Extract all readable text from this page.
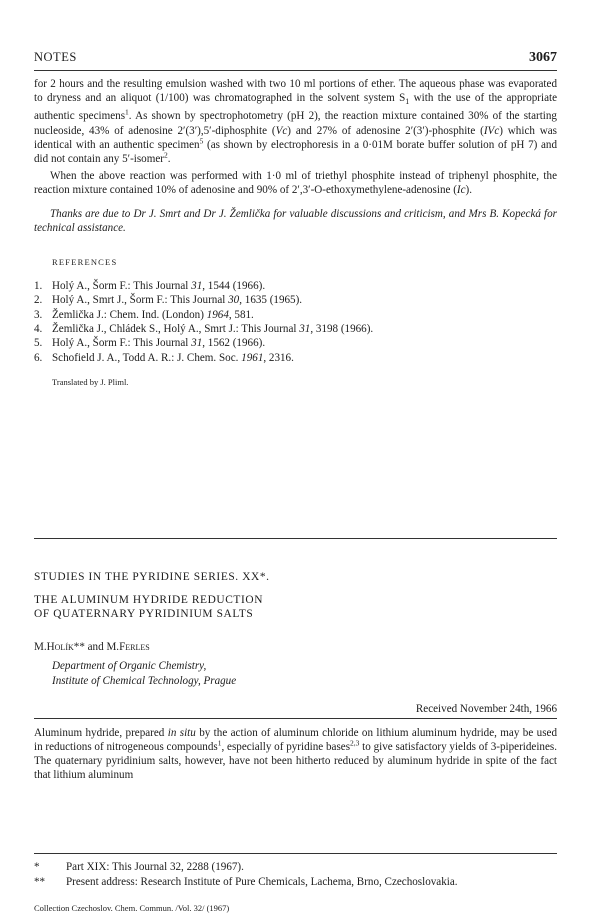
NOTES	3067

for 2 hours and the resulting emulsion washed with two 10 ml portions of ether. The aqueous phase was evaporated to dryness and an aliquot (1/100) was chromatographed in the solvent system $S_1$ with the use of the appropriate authentic specimens$^1$. As shown by spectrophotometry (pH 2), the reaction mixture contained 30% of the starting nucleoside, 43% of adenosine 2′(3′),5′-diphosphite (Vc) and 27% of adenosine 2′(3′)-phosphite (IVc) which was identical with an authentic specimen$^5$ (as shown by electrophoresis in a 0·01M borate buffer solution of pH 7) and did not contain any 5′-isomer$^2$.

When the above reaction was performed with 1·0 ml of triethyl phosphite instead of triphenyl phosphite, the reaction mixture contained 10% of adenosine and 90% of 2′,3′-O-ethoxymethylene-adenosine (Ic).

Thanks are due to Dr J. Smrt and Dr J. Žemlička for valuable discussions and criticism, and Mrs B. Kopecká for technical assistance.

REFERENCES
1. Holý A., Šorm F.: This Journal 31, 1544 (1966).
2. Holý A., Smrt J., Šorm F.: This Journal 30, 1635 (1965).
3. Žemlička J.: Chem. Ind. (London) 1964, 581.
4. Žemlička J., Chládek S., Holý A., Smrt J.: This Journal 31, 3198 (1966).
5. Holý A., Šorm F.: This Journal 31, 1562 (1966).
6. Schofield J. A., Todd A. R.: J. Chem. Soc. 1961, 2316.
Translated by J. Pliml.

STUDIES IN THE PYRIDINE SERIES. XX*.

THE ALUMINUM HYDRIDE REDUCTION
OF QUATERNARY PYRIDINIUM SALTS

M.Holík** and M.Ferles

Department of Organic Chemistry,
Institute of Chemical Technology, Prague

Received November 24th, 1966

Aluminum hydride, prepared in situ by the action of aluminum chloride on lithium aluminum hydride, may be used in reductions of nitrogeneous compounds$^1$, especially of pyridine bases$^{2,3}$ to give satisfactory yields of 3-piperideines. The quaternary pyridinium salts, however, have not been hitherto reduced by aluminum hydride in spite of the fact that lithium aluminum

*	Part XIX: This Journal 32, 2288 (1967).
**	Present address: Research Institute of Pure Chemicals, Lachema, Brno, Czechoslovakia.
Collection Czechoslov. Chem. Commun. /Vol. 32/ (1967)
